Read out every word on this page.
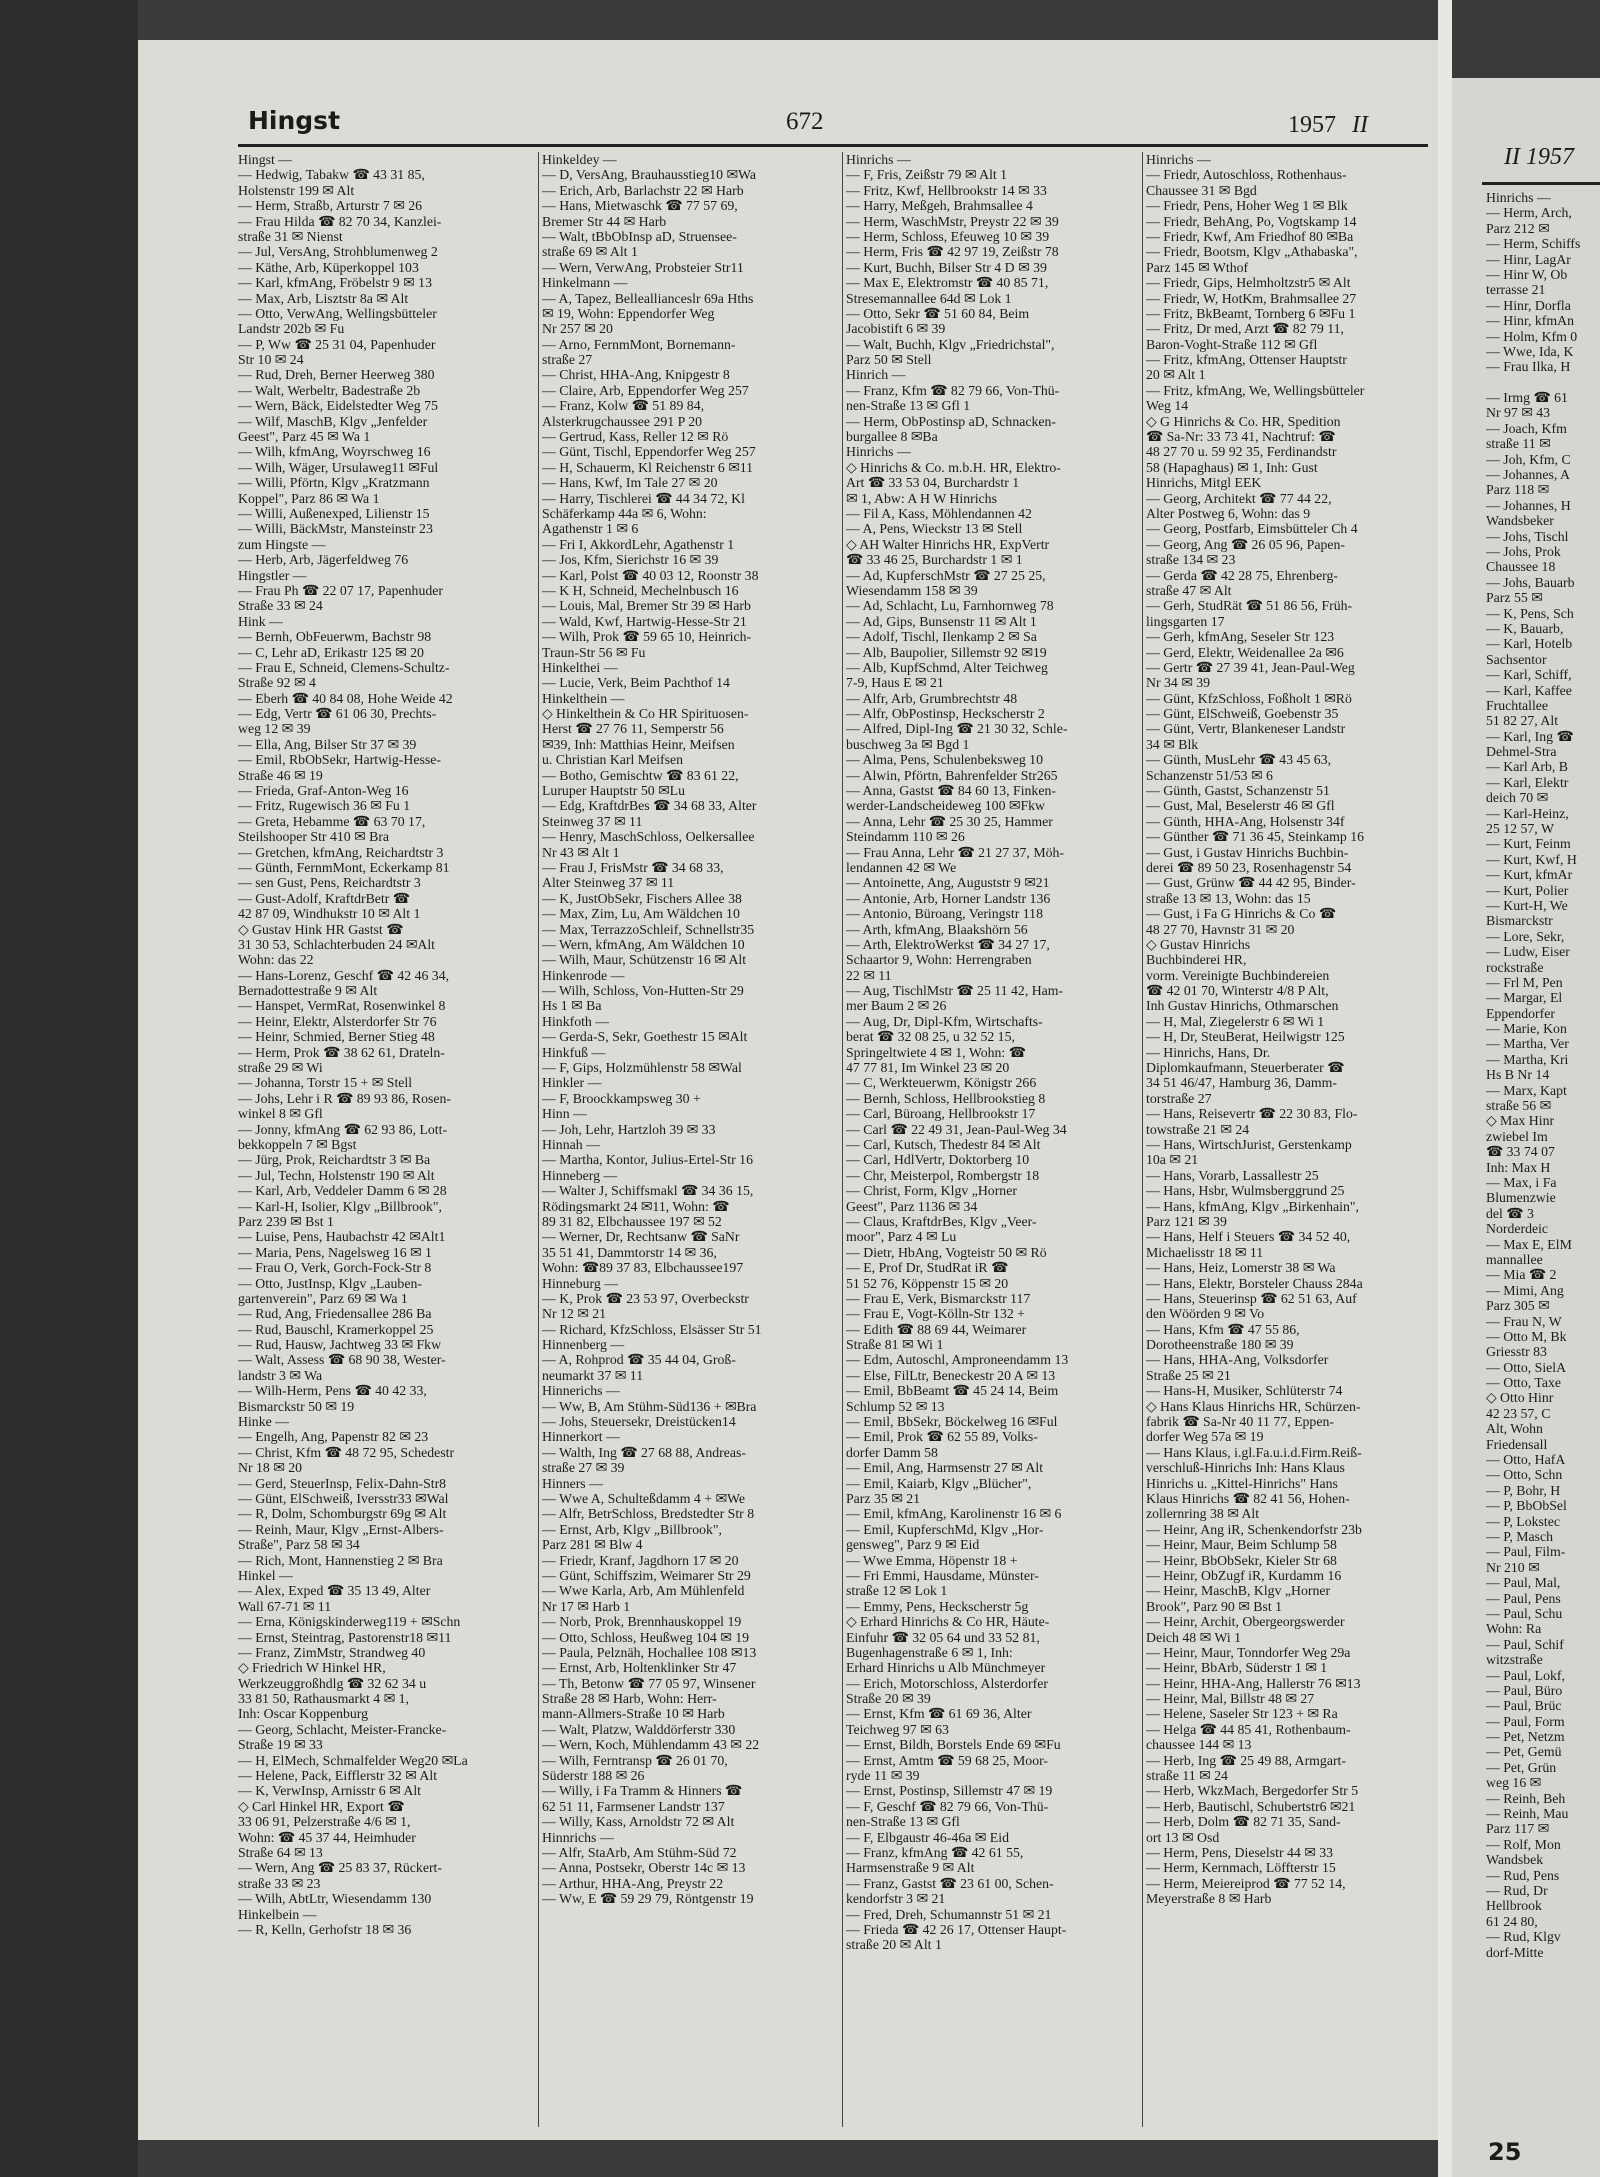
Hingst	672	1957 II
Hingst —
— Hedwig, Tabakw ☎ 43 31 85,
Holstenstr 199 ✉ Alt
— Herm, Straßb, Arturstr 7 ✉ 26
— Frau Hilda ☎ 82 70 34, Kanzlei-
straße 31 ✉ Nienst
— Jul, VersAng, Strohblumenweg 2
— Käthe, Arb, Küperkoppel 103
— Karl, kfmAng, Fröbelstr 9 ✉ 13
— Max, Arb, Lisztstr 8a ✉ Alt
— Otto, VerwAng, Wellingsbütteler
Landstr 202b ✉ Fu
— P, Ww ☎ 25 31 04, Papenhuder
Str 10 ✉ 24
— Rud, Dreh, Berner Heerweg 380
— Walt, Werbeltr, Badestraße 2b
— Wern, Bäck, Eidelstedter Weg 75
— Wilf, MaschB, Klgv „Jenfelder
Geest", Parz 45 ✉ Wa 1
— Wilh, kfmAng, Woyrschweg 16
— Wilh, Wäger, Ursulaweg11 ✉Ful
— Willi, Pförtn, Klgv „Kratzmann
Koppel", Parz 86 ✉ Wa 1
— Willi, Außenexped, Lilienstr 15
— Willi, BäckMstr, Mansteinstr 23
zum Hingste —
— Herb, Arb, Jägerfeldweg 76
Hingstler —
— Frau Ph ☎ 22 07 17, Papenhuder
Straße 33 ✉ 24
Hink —
— Bernh, ObFeuerwm, Bachstr 98
— C, Lehr aD, Erikastr 125 ✉ 20
— Frau E, Schneid, Clemens-Schultz-
Straße 92 ✉ 4
— Eberh ☎ 40 84 08, Hohe Weide 42
— Edg, Vertr ☎ 61 06 30, Prechts-
weg 12 ✉ 39
— Ella, Ang, Bilser Str 37 ✉ 39
— Emil, RbObSekr, Hartwig-Hesse-
Straße 46 ✉ 19
— Frieda, Graf-Anton-Weg 16
— Fritz, Rugewisch 36 ✉ Fu 1
— Greta, Hebamme ☎ 63 70 17,
Steilshooper Str 410 ✉ Bra
— Gretchen, kfmAng, Reichardtstr 3
— Günth, FernmMont, Eckerkamp 81
— sen Gust, Pens, Reichardtstr 3
— Gust-Adolf, KraftdrBetr ☎
42 87 09, Windhukstr 10 ✉ Alt 1
◇ Gustav Hink HR Gastst ☎
31 30 53, Schlachterbuden 24 ✉Alt
Wohn: das 22
— Hans-Lorenz, Geschf ☎ 42 46 34,
Bernadottestraße 9 ✉ Alt
— Hanspet, VermRat, Rosenwinkel 8
— Heinr, Elektr, Alsterdorfer Str 76
— Heinr, Schmied, Berner Stieg 48
— Herm, Prok ☎ 38 62 61, Drateln-
straße 29 ✉ Wi
— Johanna, Torstr 15 + ✉ Stell
— Johs, Lehr i R ☎ 89 93 86, Rosen-
winkel 8 ✉ Gfl
— Jonny, kfmAng ☎ 62 93 86, Lott-
bekkoppeln 7 ✉ Bgst
— Jürg, Prok, Reichardtstr 3 ✉ Ba
— Jul, Techn, Holstenstr 190 ✉ Alt
— Karl, Arb, Veddeler Damm 6 ✉ 28
— Karl-H, Isolier, Klgv „Billbrook",
Parz 239 ✉ Bst 1
— Luise, Pens, Haubachstr 42 ✉Alt1
— Maria, Pens, Nagelsweg 16 ✉ 1
— Frau O, Verk, Gorch-Fock-Str 8
— Otto, JustInsp, Klgv „Lauben-
gartenverein", Parz 69 ✉ Wa 1
— Rud, Ang, Friedensallee 286 Ba
— Rud, Bauschl, Kramerkoppel 25
— Rud, Hausw, Jachtweg 33 ✉ Fkw
— Walt, Assess ☎ 68 90 38, Wester-
landstr 3 ✉ Wa
— Wilh-Herm, Pens ☎ 40 42 33,
Bismarckstr 50 ✉ 19
Hinke —
— Engelh, Ang, Papenstr 82 ✉ 23
— Christ, Kfm ☎ 48 72 95, Schedestr
Nr 18 ✉ 20
— Gerd, SteuerInsp, Felix-Dahn-Str8
— Günt, ElSchweiß, Iversstr33 ✉Wal
— R, Dolm, Schomburgstr 69g ✉ Alt
— Reinh, Maur, Klgv „Ernst-Albers-
Straße", Parz 58 ✉ 34
— Rich, Mont, Hannenstieg 2 ✉ Bra
Hinkel —
— Alex, Exped ☎ 35 13 49, Alter
Wall 67-71 ✉ 11
— Erna, Königskinderweg119 + ✉Schn
— Ernst, Steintrag, Pastorenstr18 ✉11
— Franz, ZimMstr, Strandweg 40
◇ Friedrich W Hinkel HR,
Werkzeuggroßhdlg ☎ 32 62 34 u
33 81 50, Rathausmarkt 4 ✉ 1,
Inh: Oscar Koppenburg
— Georg, Schlacht, Meister-Francke-
Straße 19 ✉ 33
— H, ElMech, Schmalfelder Weg20 ✉La
— Helene, Pack, Eifflerstr 32 ✉ Alt
— K, VerwInsp, Arnisstr 6 ✉ Alt
◇ Carl Hinkel HR, Export ☎
33 06 91, Pelzerstraße 4/6 ✉ 1,
Wohn: ☎ 45 37 44, Heimhuder
Straße 64 ✉ 13
— Wern, Ang ☎ 25 83 37, Rückert-
straße 33 ✉ 23
— Wilh, AbtLtr, Wiesendamm 130
Hinkelbein —
— R, Kelln, Gerhofstr 18 ✉ 36
Hinkeldey —
— D, VersAng, Brauhausstieg10 ✉Wa
— Erich, Arb, Barlachstr 22 ✉ Harb
— Hans, Mietwaschk ☎ 77 57 69,
Bremer Str 44 ✉ Harb
— Walt, tBbObInsp aD, Struensee-
straße 69 ✉ Alt 1
— Wern, VerwAng, Probsteier Str11
Hinkelmann —
— A, Tapez, Belleallianceslr 69a Hths
✉ 19, Wohn: Eppendorfer Weg
Nr 257 ✉ 20
— Arno, FernmMont, Bornemann-
straße 27
— Christ, HHA-Ang, Knipgestr 8
— Claire, Arb, Eppendorfer Weg 257
— Franz, Kolw ☎ 51 89 84,
Alsterkrugchaussee 291 P 20
— Gertrud, Kass, Reller 12 ✉ Rö
— Günt, Tischl, Eppendorfer Weg 257
— H, Schauerm, Kl Reichenstr 6 ✉11
— Hans, Kwf, Im Tale 27 ✉ 20
— Harry, Tischlerei ☎ 44 34 72, Kl
Schäferkamp 44a ✉ 6, Wohn:
Agathenstr 1 ✉ 6
— Fri I, AkkordLehr, Agathenstr 1
— Jos, Kfm, Sierichstr 16 ✉ 39
— Karl, Polst ☎ 40 03 12, Roonstr 38
— K H, Schneid, Mechelnbusch 16
— Louis, Mal, Bremer Str 39 ✉ Harb
— Wald, Kwf, Hartwig-Hesse-Str 21
— Wilh, Prok ☎ 59 65 10, Heinrich-
Traun-Str 56 ✉ Fu
Hinkelthei —
— Lucie, Verk, Beim Pachthof 14
Hinkelthein —
◇ Hinkelthein & Co HR Spirituosen-
Herst ☎ 27 76 11, Semperstr 56
✉39, Inh: Matthias Heinr, Meifsen
u. Christian Karl Meifsen
— Botho, Gemischtw ☎ 83 61 22,
Luruper Hauptstr 50 ✉Lu
— Edg, KraftdrBes ☎ 34 68 33, Alter
Steinweg 37 ✉ 11
— Henry, MaschSchloss, Oelkersallee
Nr 43 ✉ Alt 1
— Frau J, FrisMstr ☎ 34 68 33,
Alter Steinweg 37 ✉ 11
— K, JustObSekr, Fischers Allee 38
— Max, Zim, Lu, Am Wäldchen 10
— Max, TerrazzoSchleif, Schnellstr35
— Wern, kfmAng, Am Wäldchen 10
— Wilh, Maur, Schützenstr 16 ✉ Alt
Hinkenrode —
— Wilh, Schloss, Von-Hutten-Str 29
Hs 1 ✉ Ba
Hinkfoth —
— Gerda-S, Sekr, Goethestr 15 ✉Alt
Hinkfuß —
— F, Gips, Holzmühlenstr 58 ✉Wal
Hinkler —
— F, Broockkampsweg 30 +
Hinn —
— Joh, Lehr, Hartzloh 39 ✉ 33
Hinnah —
— Martha, Kontor, Julius-Ertel-Str 16
Hinneberg —
— Walter J, Schiffsmakl ☎ 34 36 15,
Rödingsmarkt 24 ✉11, Wohn: ☎
89 31 82, Elbchaussee 197 ✉ 52
— Werner, Dr, Rechtsanw ☎ SaNr
35 51 41, Dammtorstr 14 ✉ 36,
Wohn: ☎89 37 83, Elbchaussee197
Hinneburg —
— K, Prok ☎ 23 53 97, Overbeckstr
Nr 12 ✉ 21
— Richard, KfzSchloss, Elsässer Str 51
Hinnenberg —
— A, Rohprod ☎ 35 44 04, Groß-
neumarkt 37 ✉ 11
Hinnerichs —
— Ww, B, Am Stühm-Süd136 + ✉Bra
— Johs, Steuersekr, Dreistücken14
Hinnerkort —
— Walth, Ing ☎ 27 68 88, Andreas-
straße 27 ✉ 39
Hinners —
— Wwe A, Schulteßdamm 4 + ✉We
— Alfr, BetrSchloss, Bredstedter Str 8
— Ernst, Arb, Klgv „Billbrook",
Parz 281 ✉ Blw 4
— Friedr, Kranf, Jagdhorn 17 ✉ 20
— Günt, Schiffszim, Weimarer Str 29
— Wwe Karla, Arb, Am Mühlenfeld
Nr 17 ✉ Harb 1
— Norb, Prok, Brennhauskoppel 19
— Otto, Schloss, Heußweg 104 ✉ 19
— Paula, Pelznäh, Hochallee 108 ✉13
— Ernst, Arb, Holtenklinker Str 47
— Th, Betonw ☎ 77 05 97, Winsener
Straße 28 ✉ Harb, Wohn: Herr-
mann-Allmers-Straße 10 ✉ Harb
— Walt, Platzw, Walddörferstr 330
— Wern, Koch, Mühlendamm 43 ✉ 22
— Wilh, Ferntransp ☎ 26 01 70,
Süderstr 188 ✉ 26
— Willy, i Fa Tramm & Hinners ☎
62 51 11, Farmsener Landstr 137
— Willy, Kass, Arnoldstr 72 ✉ Alt
Hinnrichs —
— Alfr, StaArb, Am Stühm-Süd 72
— Anna, Postsekr, Oberstr 14c ✉ 13
— Arthur, HHA-Ang, Preystr 22
— Ww, E ☎ 59 29 79, Röntgenstr 19
Hinrichs —
— F, Fris, Zeißstr 79 ✉ Alt 1
— Fritz, Kwf, Hellbrookstr 14 ✉ 33
— Harry, Meßgeh, Brahmsallee 4
— Herm, WaschMstr, Preystr 22 ✉ 39
— Herm, Schloss, Efeuweg 10 ✉ 39
— Herm, Fris ☎ 42 97 19, Zeißstr 78
— Kurt, Buchh, Bilser Str 4 D ✉ 39
— Max E, Elektromstr ☎ 40 85 71,
Stresemannallee 64d ✉ Lok 1
— Otto, Sekr ☎ 51 60 84, Beim
Jacobistift 6 ✉ 39
— Walt, Buchh, Klgv „Friedrichstal",
Parz 50 ✉ Stell
Hinrich —
— Franz, Kfm ☎ 82 79 66, Von-Thü-
nen-Straße 13 ✉ Gfl 1
— Herm, ObPostinsp aD, Schnacken-
burgallee 8 ✉Ba
Hinrichs —
◇ Hinrichs & Co. m.b.H. HR, Elektro-
Art ☎ 33 53 04, Burchardstr 1
✉ 1, Abw: A H W Hinrichs
— Fil A, Kass, Möhlendannen 42
— A, Pens, Wieckstr 13 ✉ Stell
◇ AH Walter Hinrichs HR, ExpVertr
☎ 33 46 25, Burchardstr 1 ✉ 1
— Ad, KupferschMstr ☎ 27 25 25,
Wiesendamm 158 ✉ 39
— Ad, Schlacht, Lu, Farnhornweg 78
— Ad, Gips, Bunsenstr 11 ✉ Alt 1
— Adolf, Tischl, Ilenkamp 2 ✉ Sa
— Alb, Baupolier, Sillemstr 92 ✉19
— Alb, KupfSchmd, Alter Teichweg
7-9, Haus E ✉ 21
— Alfr, Arb, Grumbrechtstr 48
— Alfr, ObPostinsp, Heckscherstr 2
— Alfred, Dipl-Ing ☎ 21 30 32, Schle-
buschweg 3a ✉ Bgd 1
— Alma, Pens, Schulenbeksweg 10
— Alwin, Pförtn, Bahrenfelder Str265
— Anna, Gastst ☎ 84 60 13, Finken-
werder-Landscheideweg 100 ✉Fkw
— Anna, Lehr ☎ 25 30 25, Hammer
Steindamm 110 ✉ 26
— Frau Anna, Lehr ☎ 21 27 37, Möh-
lendannen 42 ✉ We
— Antoinette, Ang, Auguststr 9 ✉21
— Antonie, Arb, Horner Landstr 136
— Antonio, Büroang, Veringstr 118
— Arth, kfmAng, Blaakshörn 56
— Arth, ElektroWerkst ☎ 34 27 17,
Schaartor 9, Wohn: Herrengraben
22 ✉ 11
— Aug, TischlMstr ☎ 25 11 42, Ham-
mer Baum 2 ✉ 26
— Aug, Dr, Dipl-Kfm, Wirtschafts-
berat ☎ 32 08 25, u 32 52 15,
Springeltwiete 4 ✉ 1, Wohn: ☎
47 77 81, Im Winkel 23 ✉ 20
— C, Werkteuerwm, Königstr 266
— Bernh, Schloss, Hellbrookstieg 8
— Carl, Büroang, Hellbrookstr 17
— Carl ☎ 22 49 31, Jean-Paul-Weg 34
— Carl, Kutsch, Thedestr 84 ✉ Alt
— Carl, HdlVertr, Doktorberg 10
— Chr, Meisterpol, Rombergstr 18
— Christ, Form, Klgv „Horner
Geest", Parz 1136 ✉ 34
— Claus, KraftdrBes, Klgv „Veer-
moor", Parz 4 ✉ Lu
— Dietr, HbAng, Vogteistr 50 ✉ Rö
— E, Prof Dr, StudRat iR ☎
51 52 76, Köppenstr 15 ✉ 20
— Frau E, Verk, Bismarckstr 117
— Frau E, Vogt-Kölln-Str 132 +
— Edith ☎ 88 69 44, Weimarer
Straße 81 ✉ Wi 1
— Edm, Autoschl, Amproneendamm 13
— Else, FilLtr, Beneckestr 20 A ✉ 13
— Emil, BbBeamt ☎ 45 24 14, Beim
Schlump 52 ✉ 13
— Emil, BbSekr, Böckelweg 16 ✉Ful
— Emil, Prok ☎ 62 55 89, Volks-
dorfer Damm 58
— Emil, Ang, Harmsenstr 27 ✉ Alt
— Emil, Kaiarb, Klgv „Blücher",
Parz 35 ✉ 21
— Emil, kfmAng, Karolinenstr 16 ✉ 6
— Emil, KupferschMd, Klgv „Hor-
gensweg", Parz 9 ✉ Eid
— Wwe Emma, Höpenstr 18 +
— Fri Emmi, Hausdame, Münster-
straße 12 ✉ Lok 1
— Emmy, Pens, Heckscherstr 5g
◇ Erhard Hinrichs & Co HR, Häute-
Einfuhr ☎ 32 05 64 und 33 52 81,
Bugenhagenstraße 6 ✉ 1, Inh:
Erhard Hinrichs u Alb Münchmeyer
— Erich, Motorschloss, Alsterdorfer
Straße 20 ✉ 39
— Ernst, Kfm ☎ 61 69 36, Alter
Teichweg 97 ✉ 63
— Ernst, Bildh, Borstels Ende 69 ✉Fu
— Ernst, Amtm ☎ 59 68 25, Moor-
ryde 11 ✉ 39
— Ernst, Postinsp, Sillemstr 47 ✉ 19
— F, Geschf ☎ 82 79 66, Von-Thü-
nen-Straße 13 ✉ Gfl
— F, Elbgaustr 46-46a ✉ Eid
— Franz, kfmAng ☎ 42 61 55,
Harmsenstraße 9 ✉ Alt
— Franz, Gastst ☎ 23 61 00, Schen-
kendorfstr 3 ✉ 21
— Fred, Dreh, Schumannstr 51 ✉ 21
— Frieda ☎ 42 26 17, Ottenser Haupt-
straße 20 ✉ Alt 1
Hinrichs —
— Friedr, Autoschloss, Rothenhaus-
Chaussee 31 ✉ Bgd
— Friedr, Pens, Hoher Weg 1 ✉ Blk
— Friedr, BehAng, Po, Vogtskamp 14
— Friedr, Kwf, Am Friedhof 80 ✉Ba
— Friedr, Bootsm, Klgv „Athabaska",
Parz 145 ✉ Wthof
— Friedr, Gips, Helmholtzstr5 ✉ Alt
— Friedr, W, HotKm, Brahmsallee 27
— Fritz, BkBeamt, Tornberg 6 ✉Fu 1
— Fritz, Dr med, Arzt ☎ 82 79 11,
Baron-Voght-Straße 112 ✉ Gfl
— Fritz, kfmAng, Ottenser Hauptstr
20 ✉ Alt 1
— Fritz, kfmAng, We, Wellingsbütteler
Weg 14
◇ G Hinrichs & Co. HR, Spedition
☎ Sa-Nr: 33 73 41, Nachtruf: ☎
48 27 70 u. 59 92 35, Ferdinandstr
58 (Hapaghaus) ✉ 1, Inh: Gust
Hinrichs, Mitgl EEK
— Georg, Architekt ☎ 77 44 22,
Alter Postweg 6, Wohn: das 9
— Georg, Postfarb, Eimsbütteler Ch 4
— Georg, Ang ☎ 26 05 96, Papen-
straße 134 ✉ 23
— Gerda ☎ 42 28 75, Ehrenberg-
straße 47 ✉ Alt
— Gerh, StudRät ☎ 51 86 56, Früh-
lingsgarten 17
— Gerh, kfmAng, Seseler Str 123
— Gerd, Elektr, Weidenallee 2a ✉6
— Gertr ☎ 27 39 41, Jean-Paul-Weg
Nr 34 ✉ 39
— Günt, KfzSchloss, Foßholt 1 ✉Rö
— Günt, ElSchweiß, Goebenstr 35
— Günt, Vertr, Blankeneser Landstr
34 ✉ Blk
— Günth, MusLehr ☎ 43 45 63,
Schanzenstr 51/53 ✉ 6
— Günth, Gastst, Schanzenstr 51
— Gust, Mal, Beselerstr 46 ✉ Gfl
— Günth, HHA-Ang, Holsenstr 34f
— Günther ☎ 71 36 45, Steinkamp 16
— Gust, i Gustav Hinrichs Buchbin-
derei ☎ 89 50 23, Rosenhagenstr 54
— Gust, Grünw ☎ 44 42 95, Binder-
straße 13 ✉ 13, Wohn: das 15
— Gust, i Fa G Hinrichs & Co ☎
48 27 70, Havnstr 31 ✉ 20
◇ Gustav Hinrichs
Buchbinderei HR,
vorm. Vereinigte Buchbindereien
☎ 42 01 70, Winterstr 4/8 P Alt,
Inh Gustav Hinrichs, Othmarschen
— H, Mal, Ziegelerstr 6 ✉ Wi 1
— H, Dr, SteuBerat, Heilwigstr 125
— Hinrichs, Hans, Dr.
Diplomkaufmann, Steuerberater ☎
34 51 46/47, Hamburg 36, Damm-
torstraße 27
— Hans, Reisevertr ☎ 22 30 83, Flo-
towstraße 21 ✉ 24
— Hans, WirtschJurist, Gerstenkamp
10a ✉ 21
— Hans, Vorarb, Lassallestr 25
— Hans, Hsbr, Wulmsberggrund 25
— Hans, kfmAng, Klgv „Birkenhain",
Parz 121 ✉ 39
— Hans, Helf i Steuers ☎ 34 52 40,
Michaelisstr 18 ✉ 11
— Hans, Heiz, Lomerstr 38 ✉ Wa
— Hans, Elektr, Borsteler Chauss 284a
— Hans, Steuerinsp ☎ 62 51 63, Auf
den Wöörden 9 ✉ Vo
— Hans, Kfm ☎ 47 55 86,
Dorotheenstraße 180 ✉ 39
— Hans, HHA-Ang, Volksdorfer
Straße 25 ✉ 21
— Hans-H, Musiker, Schlüterstr 74
◇ Hans Klaus Hinrichs HR, Schürzen-
fabrik ☎ Sa-Nr 40 11 77, Eppen-
dorfer Weg 57a ✉ 19
— Hans Klaus, i.gl.Fa.u.i.d.Firm.Reiß-
verschluß-Hinrichs Inh: Hans Klaus
Hinrichs u. „Kittel-Hinrichs" Hans
Klaus Hinrichs ☎ 82 41 56, Hohen-
zollernring 38 ✉ Alt
— Heinr, Ang iR, Schenkendorfstr 23b
— Heinr, Maur, Beim Schlump 58
— Heinr, BbObSekr, Kieler Str 68
— Heinr, ObZugf iR, Kurdamm 16
— Heinr, MaschB, Klgv „Horner
Brook", Parz 90 ✉ Bst 1
— Heinr, Archit, Obergeorgswerder
Deich 48 ✉ Wi 1
— Heinr, Maur, Tonndorfer Weg 29a
— Heinr, BbArb, Süderstr 1 ✉ 1
— Heinr, HHA-Ang, Hallerstr 76 ✉13
— Heinr, Mal, Billstr 48 ✉ 27
— Helene, Saseler Str 123 + ✉ Ra
— Helga ☎ 44 85 41, Rothenbaum-
chaussee 144 ✉ 13
— Herb, Ing ☎ 25 49 88, Armgart-
straße 11 ✉ 24
— Herb, WkzMach, Bergedorfer Str 5
— Herb, Bautischl, Schubertstr6 ✉21
— Herb, Dolm ☎ 82 71 35, Sand-
ort 13 ✉ Osd
— Herm, Pens, Dieselstr 44 ✉ 33
— Herm, Kernmach, Löffterstr 15
— Herm, Meiereiprod ☎ 77 52 14,
Meyerstraße 8 ✉ Harb
II 1957
Hinrichs —
— Herm, Arch,
Parz 212 ✉
— Herm, Schiffs
— Hinr, LagAr
— Hinr W, Ob
terrasse 21
— Hinr, Dorfla
— Hinr, kfmAn
— Holm, Kfm 0
— Wwe, Ida, K
— Frau Ilka, H
— Irmg ☎ 61
Nr 97 ✉ 43
— Joach, Kfm
straße 11 ✉
— Joh, Kfm, C
— Johannes, A
Parz 118 ✉
— Johannes, H
Wandsbeker
— Johs, Tischl
— Johs, Prok
Chaussee 18
— Johs, Bauarb
Parz 55 ✉
— K, Pens, Sch
— K, Bauarb,
— Karl, Hotelb
Sachsentor
— Karl, Schiff,
— Karl, Kaffee
Fruchtallee
51 82 27, Alt
— Karl, Ing ☎
Dehmel-Stra
— Karl Arb, B
— Karl, Elektr
deich 70 ✉
— Karl-Heinz,
25 12 57, W
— Kurt, Feinm
— Kurt, Kwf, H
— Kurt, kfmAr
— Kurt, Polier
— Kurt-H, We
Bismarckstr
— Lore, Sekr,
— Ludw, Eiser
rockstraße
— Frl M, Pen
— Margar, El
Eppendorfer
— Marie, Kon
— Martha, Ver
— Martha, Kri
Hs B Nr 14
— Marx, Kapt
straße 56 ✉
◇ Max Hinr
zwiebel Im
☎ 33 74 07
Inh: Max H
— Max, i Fa
Blumenzwie
del ☎ 3
Norderdeic
— Max E, ElM
mannallee
— Mia ☎ 2
— Mimi, Ang
Parz 305 ✉
— Frau N, W
— Otto M, Bk
Griesstr 83
— Otto, SielA
— Otto, Taxe
◇ Otto Hinr
42 23 57, C
Alt, Wohn
Friedensall
— Otto, HafA
— Otto, Schn
— P, Bohr, H
— P, BbObSel
— P, Lokstec
— P, Masch
— Paul, Film-
Nr 210 ✉
— Paul, Mal,
— Paul, Pens
— Paul, Schu
Wohn: Ra
— Paul, Schif
witzstraße
— Paul, Lokf,
— Paul, Büro
— Paul, Brüc
— Paul, Form
— Pet, Netzm
— Pet, Gemü
— Pet, Grün
weg 16 ✉
— Reinh, Beh
— Reinh, Mau
Parz 117 ✉
— Rolf, Mon
Wandsbek
— Rud, Pens
— Rud, Dr
Hellbrook
61 24 80,
— Rud, Klgv
dorf-Mitte
25
